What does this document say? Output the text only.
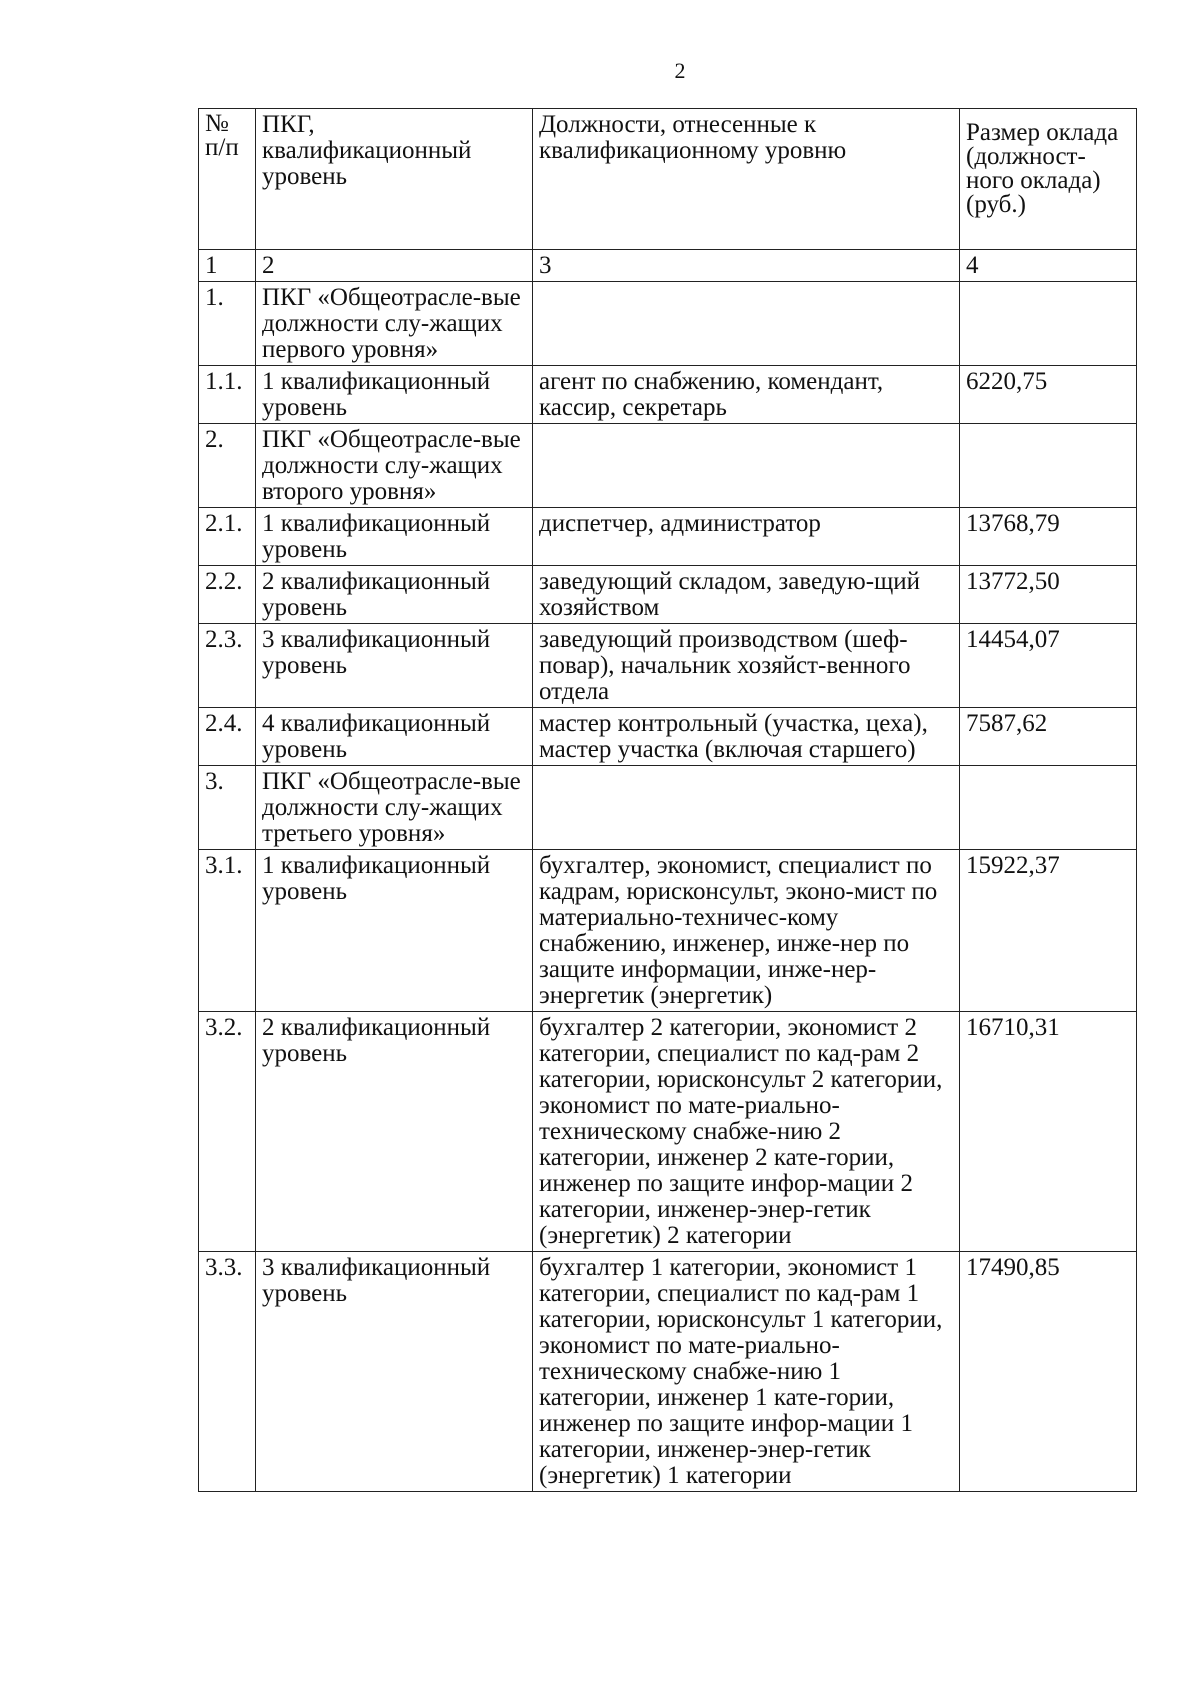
2
№ п/п	ПКГ, квалификационный уровень	Должности, отнесенные к квалификационному уровню	Размер оклада (должност-ного оклада) (руб.)
1	2	3	4
1.	ПКГ «Общеотрасле-вые должности слу-жащих первого уровня»		
1.1.	1 квалификационный уровень	агент по снабжению, комендант, кассир, секретарь	6220,75
2.	ПКГ «Общеотрасле-вые должности слу-жащих второго уровня»		
2.1.	1 квалификационный уровень	диспетчер, администратор	13768,79
2.2.	2 квалификационный уровень	заведующий складом, заведую-щий хозяйством	13772,50
2.3.	3 квалификационный уровень	заведующий производством (шеф-повар), начальник хозяйст-венного отдела	14454,07
2.4.	4 квалификационный уровень	мастер контрольный (участка, цеха), мастер участка (включая старшего)	7587,62
3.	ПКГ «Общеотрасле-вые должности слу-жащих третьего уровня»		
3.1.	1 квалификационный уровень	бухгалтер, экономист, специалист по кадрам, юрисконсульт, эконо-мист по материально-техничес-кому снабжению, инженер, инже-нер по защите информации, инже-нер-энергетик (энергетик)	15922,37
3.2.	2 квалификационный уровень	бухгалтер 2 категории, экономист 2 категории, специалист по кад-рам 2 категории, юрисконсульт 2 категории, экономист по мате-риально-техническому снабже-нию 2 категории, инженер 2 кате-гории, инженер по защите инфор-мации 2 категории, инженер-энер-гетик (энергетик) 2 категории	16710,31
3.3.	3 квалификационный уровень	бухгалтер 1 категории, экономист 1 категории, специалист по кад-рам 1 категории, юрисконсульт 1 категории, экономист по мате-риально-техническому снабже-нию 1 категории, инженер 1 кате-гории, инженер по защите инфор-мации 1 категории, инженер-энер-гетик (энергетик) 1 категории	17490,85
